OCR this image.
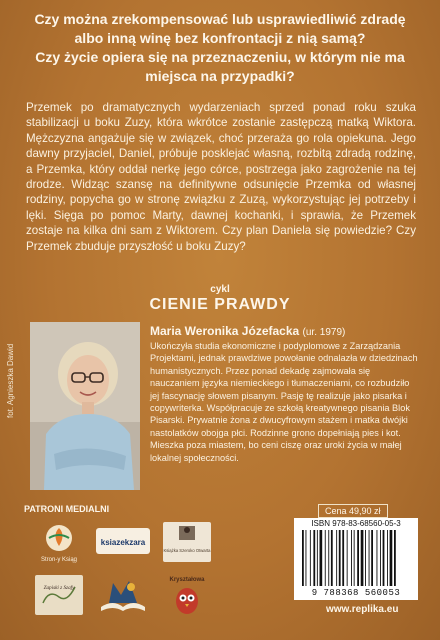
Czy można zrekompensować lub usprawiedliwić zdradę albo inną winę bez konfrontacji z nią samą?

Czy życie opiera się na przeznaczeniu, w którym nie ma miejsca na przypadki?

Przemek po dramatycznych wydarzeniach sprzed ponad roku szuka stabilizacji u boku Zuzy, która wkrótce zostanie zastępczą matką Wiktora. Mężczyzna angażuje się w związek, choć przeraża go rola opiekuna. Jego dawny przyjaciel, Daniel, próbuje posklejać własną, rozbitą zdradą rodzinę, a Przemka, który oddał nerkę jego córce, postrzega jako zagrożenie na tej drodze. Widząc szansę na definitywne odsunięcie Przemka od własnej rodziny, popycha go w stronę związku z Zuzą, wykorzystując jej potrzeby i lęki. Sięga po pomoc Marty, dawnej kochanki, i sprawia, że Przemek zostaje na kilka dni sam z Wiktorem. Czy plan Daniela się powiedzie? Czy Przemek zbuduje przyszłość u boku Zuzy?
cykl
CIENIE PRAWDY
fot. Agnieszka Dawid
Maria Weronika Józefacka (ur. 1979)
Ukończyła studia ekonomiczne i podyplomowe z Zarządzania Projektami, jednak prawdziwe powołanie odnalazła w dziedzinach humanistycznych. Przez ponad dekadę zajmowała się nauczaniem języka niemieckiego i tłumaczeniami, co rozbudziło jej fascynację słowem pisanym. Pasję tę realizuje jako pisarka i copywriterka. Współpracuje ze szkołą kreatywnego pisania Blok Pisarski. Prywatnie żona z dwucyfrowym stażem i matka dwójki nastolatków obojga płci. Rodzinne grono dopełniają pies i kot. Mieszka poza miastem, bo ceni ciszę oraz uroki życia w małej lokalnej społeczności.
PATRONI MEDIALNI
Stron-y Ksiąg
ksiazekzara
Książka Szeroko Otwarta
Zapiski z Szafy
Kryształowa
Cena 49,90 zł
ISBN 978-83-68560-05-3
9 788368 560053
www.replika.eu
